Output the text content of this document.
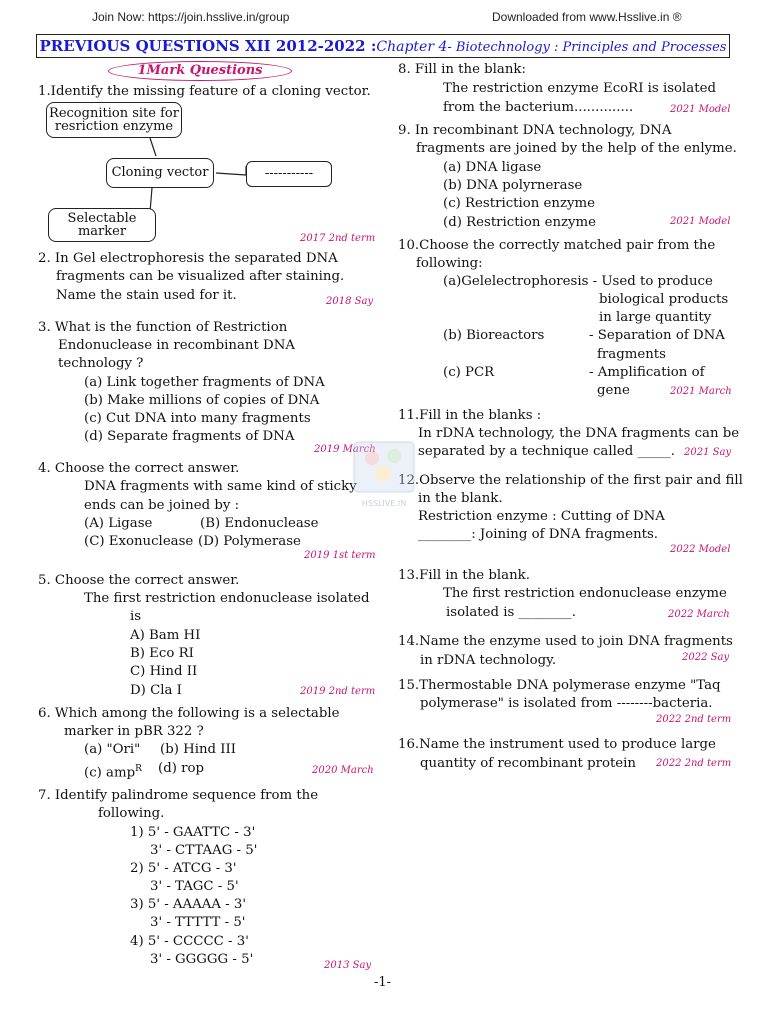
Join Now: https://join.hsslive.in/group	Downloaded from www.Hsslive.in ®
PREVIOUS QUESTIONS XII 2012-2022 :Chapter 4- Biotechnology : Principles and Processes
1Mark Questions
1.Identify the missing feature of a cloning vector.
Recognition site for
resriction enzyme
Cloning vector	-----------
Selectable
marker	2017 2nd term
2. In Gel electrophoresis the separated DNA
fragments can be visualized after staining.
Name the stain used for it.	2018 Say
3. What is the function of Restriction
Endonuclease in recombinant DNA
technology ?
(a) Link together fragments of DNA
(b) Make millions of copies of DNA
(c) Cut DNA into many fragments
(d) Separate fragments of DNA
2019 March
4. Choose the correct answer.
DNA fragments with same kind of sticky
ends can be joined by :
(A) Ligase	(B) Endonuclease
(C) Exonuclease (D) Polymerase
2019 1st term
5. Choose the correct answer.
The first restriction endonuclease isolated
is
A) Bam HI
B) Eco RI
C) Hind II
D) Cla I	2019 2nd term
6. Which among the following is a selectable
marker in pBR 322 ?
(a) "Ori" (b) Hind III
(c) amp$^R$ (d) rop	2020 March
7. Identify palindrome sequence from the
following.
1) 5' - GAATTC - 3'
3' - CTTAAG - 5'
2) 5' - ATCG - 3'
3' - TAGC - 5'
3) 5' - AAAAA - 3'
3' - TTTTT - 5'
4) 5' - CCCCC - 3'
3' - GGGGG - 5'	2013 Say
8. Fill in the blank:
The restriction enzyme EcoRI is isolated
from the bacterium..............	2021 Model
9. In recombinant DNA technology, DNA
fragments are joined by the help of the enlyme.
(a) DNA ligase
(b) DNA polyrnerase
(c) Restriction enzyme
(d) Restriction enzyme	2021 Model
10.Choose the correctly matched pair from the
following:
(a)Gelelectrophoresis - Used to produce
biological products
in large quantity
(b) Bioreactors	- Separation of DNA
fragments
(c) PCR	- Amplification of
gene	2021 March
11.Fill in the blanks :
In rDNA technology, the DNA fragments can be
separated by a technique called _____. 2021 Say
12.Observe the relationship of the first pair and fill
in the blank.
Restriction enzyme : Cutting of DNA
________: Joining of DNA fragments.
2022 Model
13.Fill in the blank.
The first restriction endonuclease enzyme
isolated is ________.	2022 March
14.Name the enzyme used to join DNA fragments
in rDNA technology.	2022 Say
15.Thermostable DNA polymerase enzyme "Taq
polymerase" is isolated from --------bacteria.
2022 2nd term
16.Name the instrument used to produce large
quantity of recombinant protein 2022 2nd term
HSSLIVE.IN
-1-
